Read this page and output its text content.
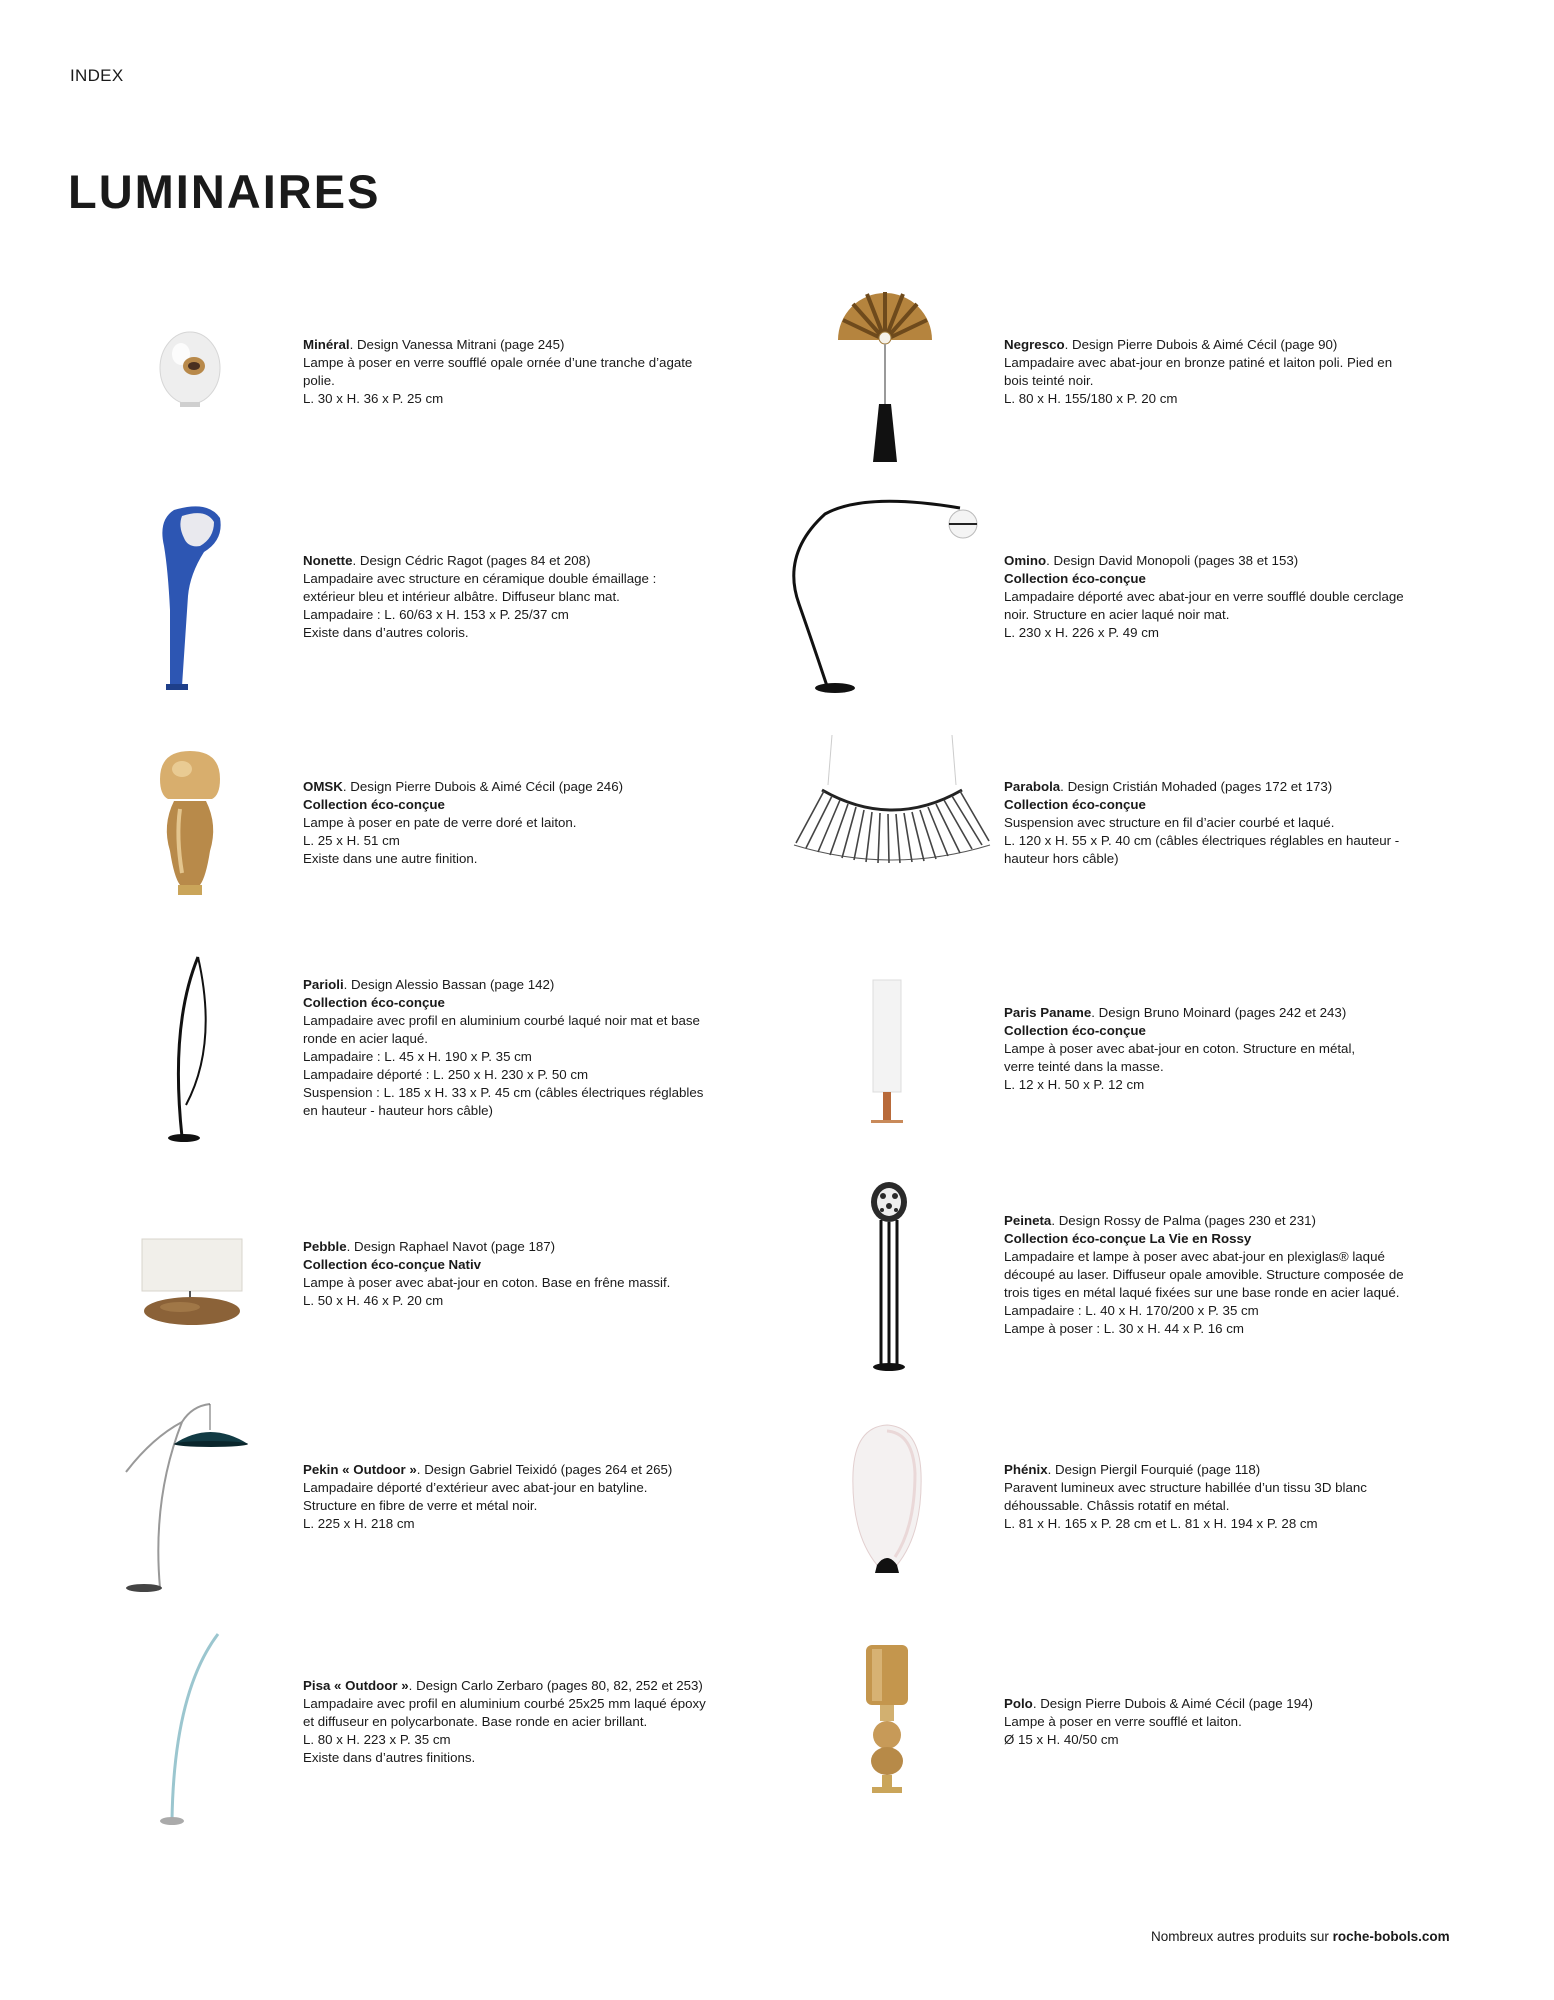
INDEX
LUMINAIRES

Minéral. Design Vanessa Mitrani (page 245)

Lampe à poser en verre soufflé opale ornée d’une tranche d’agate

polie.

L. 30 x H. 36 x P. 25 cm

Negresco. Design Pierre Dubois & Aimé Cécil (page 90)

Lampadaire avec abat-jour en bronze patiné et laiton poli. Pied en

bois teinté noir.

L. 80 x H. 155/180 x P. 20 cm

Nonette. Design Cédric Ragot (pages 84 et 208)

Lampadaire avec structure en céramique double émaillage :

extérieur bleu et intérieur albâtre. Diffuseur blanc mat.

Lampadaire : L. 60/63 x H. 153 x P. 25/37 cm

Existe dans d’autres coloris.

Omino. Design David Monopoli (pages 38 et 153)

Collection éco-conçue

Lampadaire déporté avec abat-jour en verre soufflé double cerclage

noir. Structure en acier laqué noir mat.

L. 230 x H. 226 x P. 49 cm

OMSK. Design Pierre Dubois & Aimé Cécil (page 246)

Collection éco-conçue

Lampe à poser en pate de verre doré et laiton.

L. 25 x H. 51 cm

Existe dans une autre finition.

Parabola. Design Cristián Mohaded (pages 172 et 173)

Collection éco-conçue

Suspension avec structure en fil d’acier courbé et laqué.

L. 120 x H. 55 x P. 40 cm (câbles électriques réglables en hauteur -

hauteur hors câble)

Parioli. Design Alessio Bassan (page 142)

Collection éco-conçue

Lampadaire avec profil en aluminium courbé laqué noir mat et base

ronde en acier laqué.

Lampadaire : L. 45 x H. 190 x P. 35 cm

Lampadaire déporté : L. 250 x H. 230 x P. 50 cm

Suspension : L. 185 x H. 33 x P. 45 cm (câbles électriques réglables

en hauteur - hauteur hors câble)

Paris Paname. Design Bruno Moinard (pages 242 et 243)

Collection éco-conçue

Lampe à poser avec abat-jour en coton. Structure en métal,

verre teinté dans la masse.

L. 12 x H. 50 x P. 12 cm

Pebble. Design Raphael Navot (page 187)

Collection éco-conçue Nativ

Lampe à poser avec abat-jour en coton. Base en frêne massif.

L. 50 x H. 46 x P. 20 cm

Peineta. Design Rossy de Palma (pages 230 et 231)

Collection éco-conçue La Vie en Rossy

Lampadaire et lampe à poser avec abat-jour en plexiglas® laqué

découpé au laser. Diffuseur opale amovible. Structure composée de

trois tiges en métal laqué fixées sur une base ronde en acier laqué.

Lampadaire : L. 40 x H. 170/200 x P. 35 cm

Lampe à poser : L. 30 x H. 44 x P. 16 cm

Pekin « Outdoor ». Design Gabriel Teixidó (pages 264 et 265)

Lampadaire déporté d’extérieur avec abat-jour en batyline.

Structure en fibre de verre et métal noir.

L. 225 x H. 218 cm

Phénix. Design Piergil Fourquié (page 118)

Paravent lumineux avec structure habillée d’un tissu 3D blanc

déhoussable. Châssis rotatif en métal.

L. 81 x H. 165 x P. 28 cm et L. 81 x H. 194 x P. 28 cm

Pisa « Outdoor ». Design Carlo Zerbaro (pages 80, 82, 252 et 253)

Lampadaire avec profil en aluminium courbé 25x25 mm laqué époxy

et diffuseur en polycarbonate. Base ronde en acier brillant.

L. 80 x H. 223 x P. 35 cm

Existe dans d’autres finitions.

Polo. Design Pierre Dubois & Aimé Cécil (page 194)

Lampe à poser en verre soufflé et laiton.

Ø 15 x H. 40/50 cm

Nombreux autres produits sur roche-bobols.com
